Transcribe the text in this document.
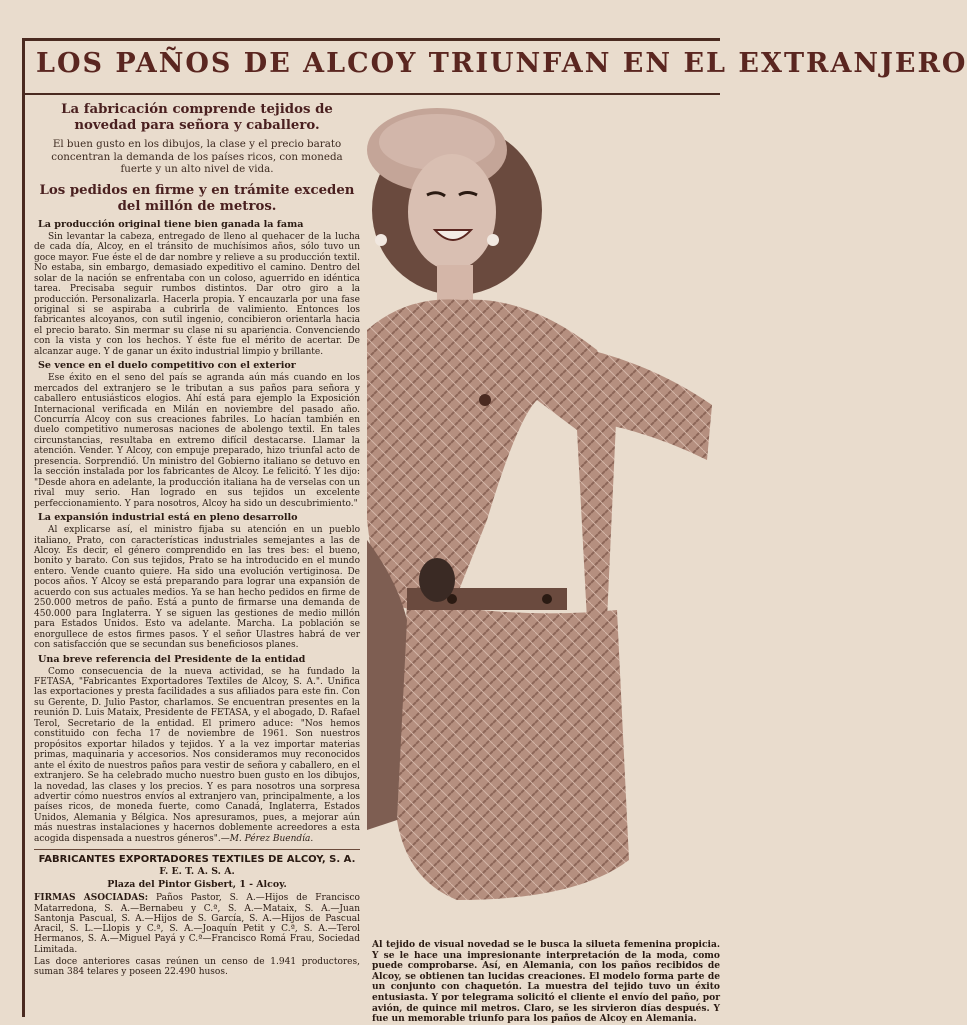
LOS PAÑOS DE ALCOY TRIUNFAN EN EL EXTRANJERO
La fabricación comprende tejidos de novedad para señora y caballero.
El buen gusto en los dibujos, la clase y el precio barato concentran la demanda de los países ricos, con moneda fuerte y un alto nivel de vida.
Los pedidos en firme y en trámite exceden del millón de metros.
La producción original tiene bien ganada la fama
Sin levantar la cabeza, entregado de lleno al quehacer de la lucha de cada día, Alcoy, en el tránsito de muchísimos años, sólo tuvo un goce mayor. Fue éste el de dar nombre y relieve a su producción textil. No estaba, sin embargo, demasiado expeditivo el camino. Dentro del solar de la nación se enfrentaba con un coloso, aguerrido en idéntica tarea. Precisaba seguir rumbos distintos. Dar otro giro a la producción. Personalizarla. Hacerla propia. Y encauzarla por una fase original si se aspiraba a cubrirla de valimiento. Entonces los fabricantes alcoyanos, con sutil ingenio, concibieron orientarla hacia el precio barato. Sin mermar su clase ni su apariencia. Convenciendo con la vista y con los hechos. Y éste fue el mérito de acertar. De alcanzar auge. Y de ganar un éxito industrial limpio y brillante.
Se vence en el duelo competitivo con el exterior
Ese éxito en el seno del país se agranda aún más cuando en los mercados del extranjero se le tributan a sus paños para señora y caballero entusiásticos elogios. Ahí está para ejemplo la Exposición Internacional verificada en Milán en noviembre del pasado año. Concurría Alcoy con sus creaciones fabriles. Lo hacían también en duelo competitivo numerosas naciones de abolengo textil. En tales circunstancias, resultaba en extremo difícil destacarse. Llamar la atención. Vender. Y Alcoy, con empuje preparado, hizo triunfal acto de presencia. Sorprendió. Un ministro del Gobierno italiano se detuvo en la sección instalada por los fabricantes de Alcoy. Le felicitó. Y les dijo: "Desde ahora en adelante, la producción italiana ha de verselas con un rival muy serio. Han logrado en sus tejidos un excelente perfeccionamiento. Y para nosotros, Alcoy ha sido un descubrimiento."
La expansión industrial está en pleno desarrollo
Al explicarse así, el ministro fijaba su atención en un pueblo italiano, Prato, con características industriales semejantes a las de Alcoy. Es decir, el género comprendido en las tres bes: el bueno, bonito y barato. Con sus tejidos, Prato se ha introducido en el mundo entero. Vende cuanto quiere. Ha sido una evolución vertiginosa. De pocos años. Y Alcoy se está preparando para lograr una expansión de acuerdo con sus actuales medios. Ya se han hecho pedidos en firme de 250.000 metros de paño. Está a punto de firmarse una demanda de 450.000 para Inglaterra. Y se siguen las gestiones de medio millón para Estados Unidos. Esto va adelante. Marcha. La población se enorgullece de estos firmes pasos. Y el señor Ulastres habrá de ver con satisfacción que se secundan sus beneficiosos planes.
Una breve referencia del Presidente de la entidad
Como consecuencia de la nueva actividad, se ha fundado la FETASA, "Fabricantes Exportadores Textiles de Alcoy, S. A.". Unifica las exportaciones y presta facilidades a sus afiliados para este fin. Con su Gerente, D. Julio Pastor, charlamos. Se encuentran presentes en la reunión D. Luis Mataix, Presidente de FETASA, y el abogado, D. Rafael Terol, Secretario de la entidad. El primero aduce: "Nos hemos constituido con fecha 17 de noviembre de 1961. Son nuestros propósitos exportar hilados y tejidos. Y a la vez importar materias primas, maquinaria y accesorios. Nos consideramos muy reconocidos ante el éxito de nuestros paños para vestir de señora y caballero, en el extranjero. Se ha celebrado mucho nuestro buen gusto en los dibujos, la novedad, las clases y los precios. Y es para nosotros una sorpresa advertir cómo nuestros envíos al extranjero van, principalmente, a los países ricos, de moneda fuerte, como Canadá, Inglaterra, Estados Unidos, Alemania y Bélgica. Nos apresuramos, pues, a mejorar aún más nuestras instalaciones y hacernos doblemente acreedores a esta acogida dispensada a nuestros géneros".—M. Pérez Buendía.
FABRICANTES EXPORTADORES TEXTILES DE ALCOY, S. A.
F. E. T. A. S. A.
Plaza del Pintor Gisbert, 1 - Alcoy.
FIRMAS ASOCIADAS: Paños Pastor, S. A.—Hijos de Francisco Matarredona, S. A.—Bernabeu y C.ª, S. A.—Mataix, S. A.—Juan Santonja Pascual, S. A.—Hijos de S. García, S. A.—Hijos de Pascual Aracil, S. L.—Llopis y C.ª, S. A.—Joaquín Petit y C.ª, S. A.—Terol Hermanos, S. A.—Miguel Payá y C.ª—Francisco Romá Frau, Sociedad Limitada.
Las doce anteriores casas reúnen un censo de 1.941 productores, suman 384 telares y poseen 22.490 husos.
Al tejido de visual novedad se le busca la silueta femenina propicia. Y se le hace una impresionante interpretación de la moda, como puede comprobarse. Así, en Alemania, con los paños recibidos de Alcoy, se obtienen tan lucidas creaciones. El modelo forma parte de un conjunto con chaquetón. La muestra del tejido tuvo un éxito entusiasta. Y por telegrama solicitó el cliente el envío del paño, por avión, de quince mil metros. Claro, se les sirvieron días después. Y fue un memorable triunfo para los paños de Alcoy en Alemania.
